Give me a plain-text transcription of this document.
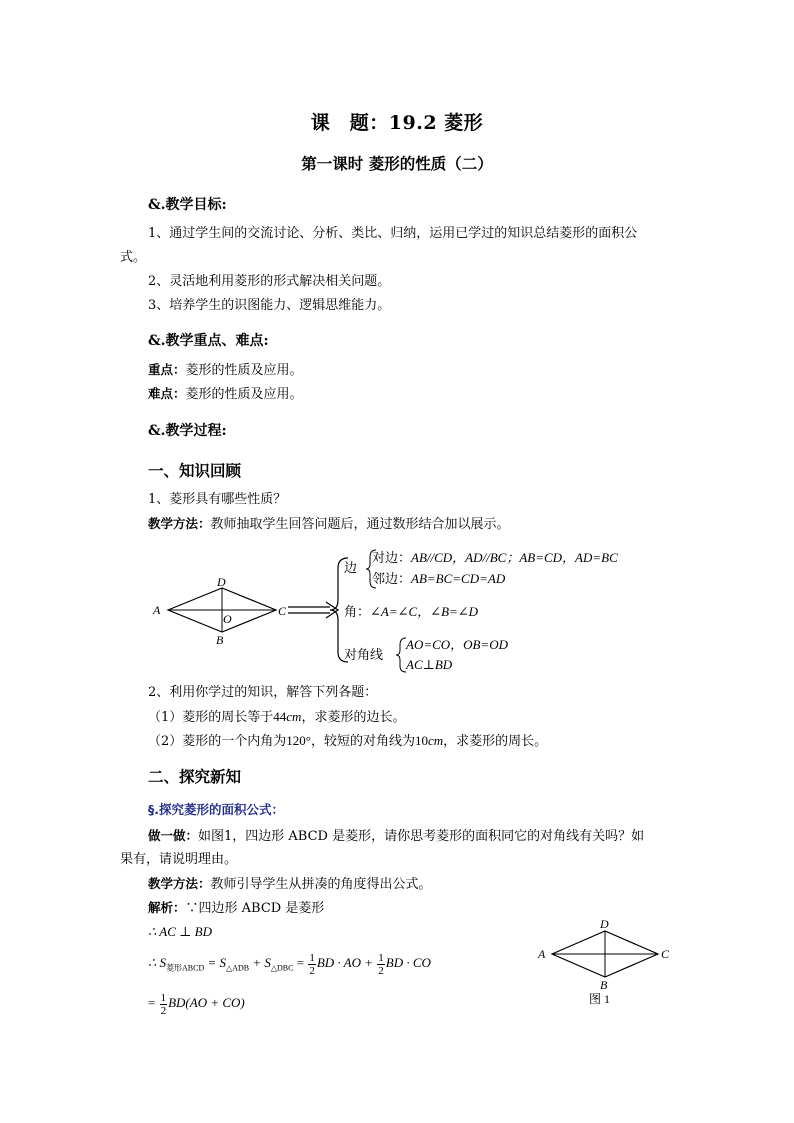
课　题：19.2 菱形
第一课时 菱形的性质（二）
&.教学目标:
1、通过学生间的交流讨论、分析、类比、归纳，运用已学过的知识总结菱形的面积公
式。
2、灵活地利用菱形的形式解决相关问题。
3、培养学生的识图能力、逻辑思维能力。
&.教学重点、难点:
重点：菱形的性质及应用。
难点：菱形的性质及应用。
&.教学过程:
一、知识回顾
1、菱形具有哪些性质？
教学方法：教师抽取学生回答问题后，通过数形结合加以展示。
A
D
C
B
O
边
对边：AB//CD，AD//BC；AB=CD，AD=BC
邻边：AB=BC=CD=AD
角：∠A=∠C，∠B=∠D
对角线
AO=CO，OB=OD
AC⊥BD
2、利用你学过的知识，解答下列各题：
（1）菱形的周长等于44cm，求菱形的边长。
（2）菱形的一个内角为120°，较短的对角线为10cm，求菱形的周长。
二、探究新知
§.探究菱形的面积公式：
做一做：如图1，四边形 ABCD 是菱形，请你思考菱形的面积同它的对角线有关吗？如
果有，请说明理由。
教学方法：教师引导学生从拼凑的角度得出公式。
解析：∵四边形 ABCD 是菱形
∴ AC ⊥ BD
∴ $S_{菱形ABCD} = S_{\triangle ADB} + S_{\triangle DBC} = \frac{1}{2}$ BD · AO + $\frac{1}{2}$ BD · CO
= $\frac{1}{2} BD(AO + CO)$
A
D
C
B
图 1
